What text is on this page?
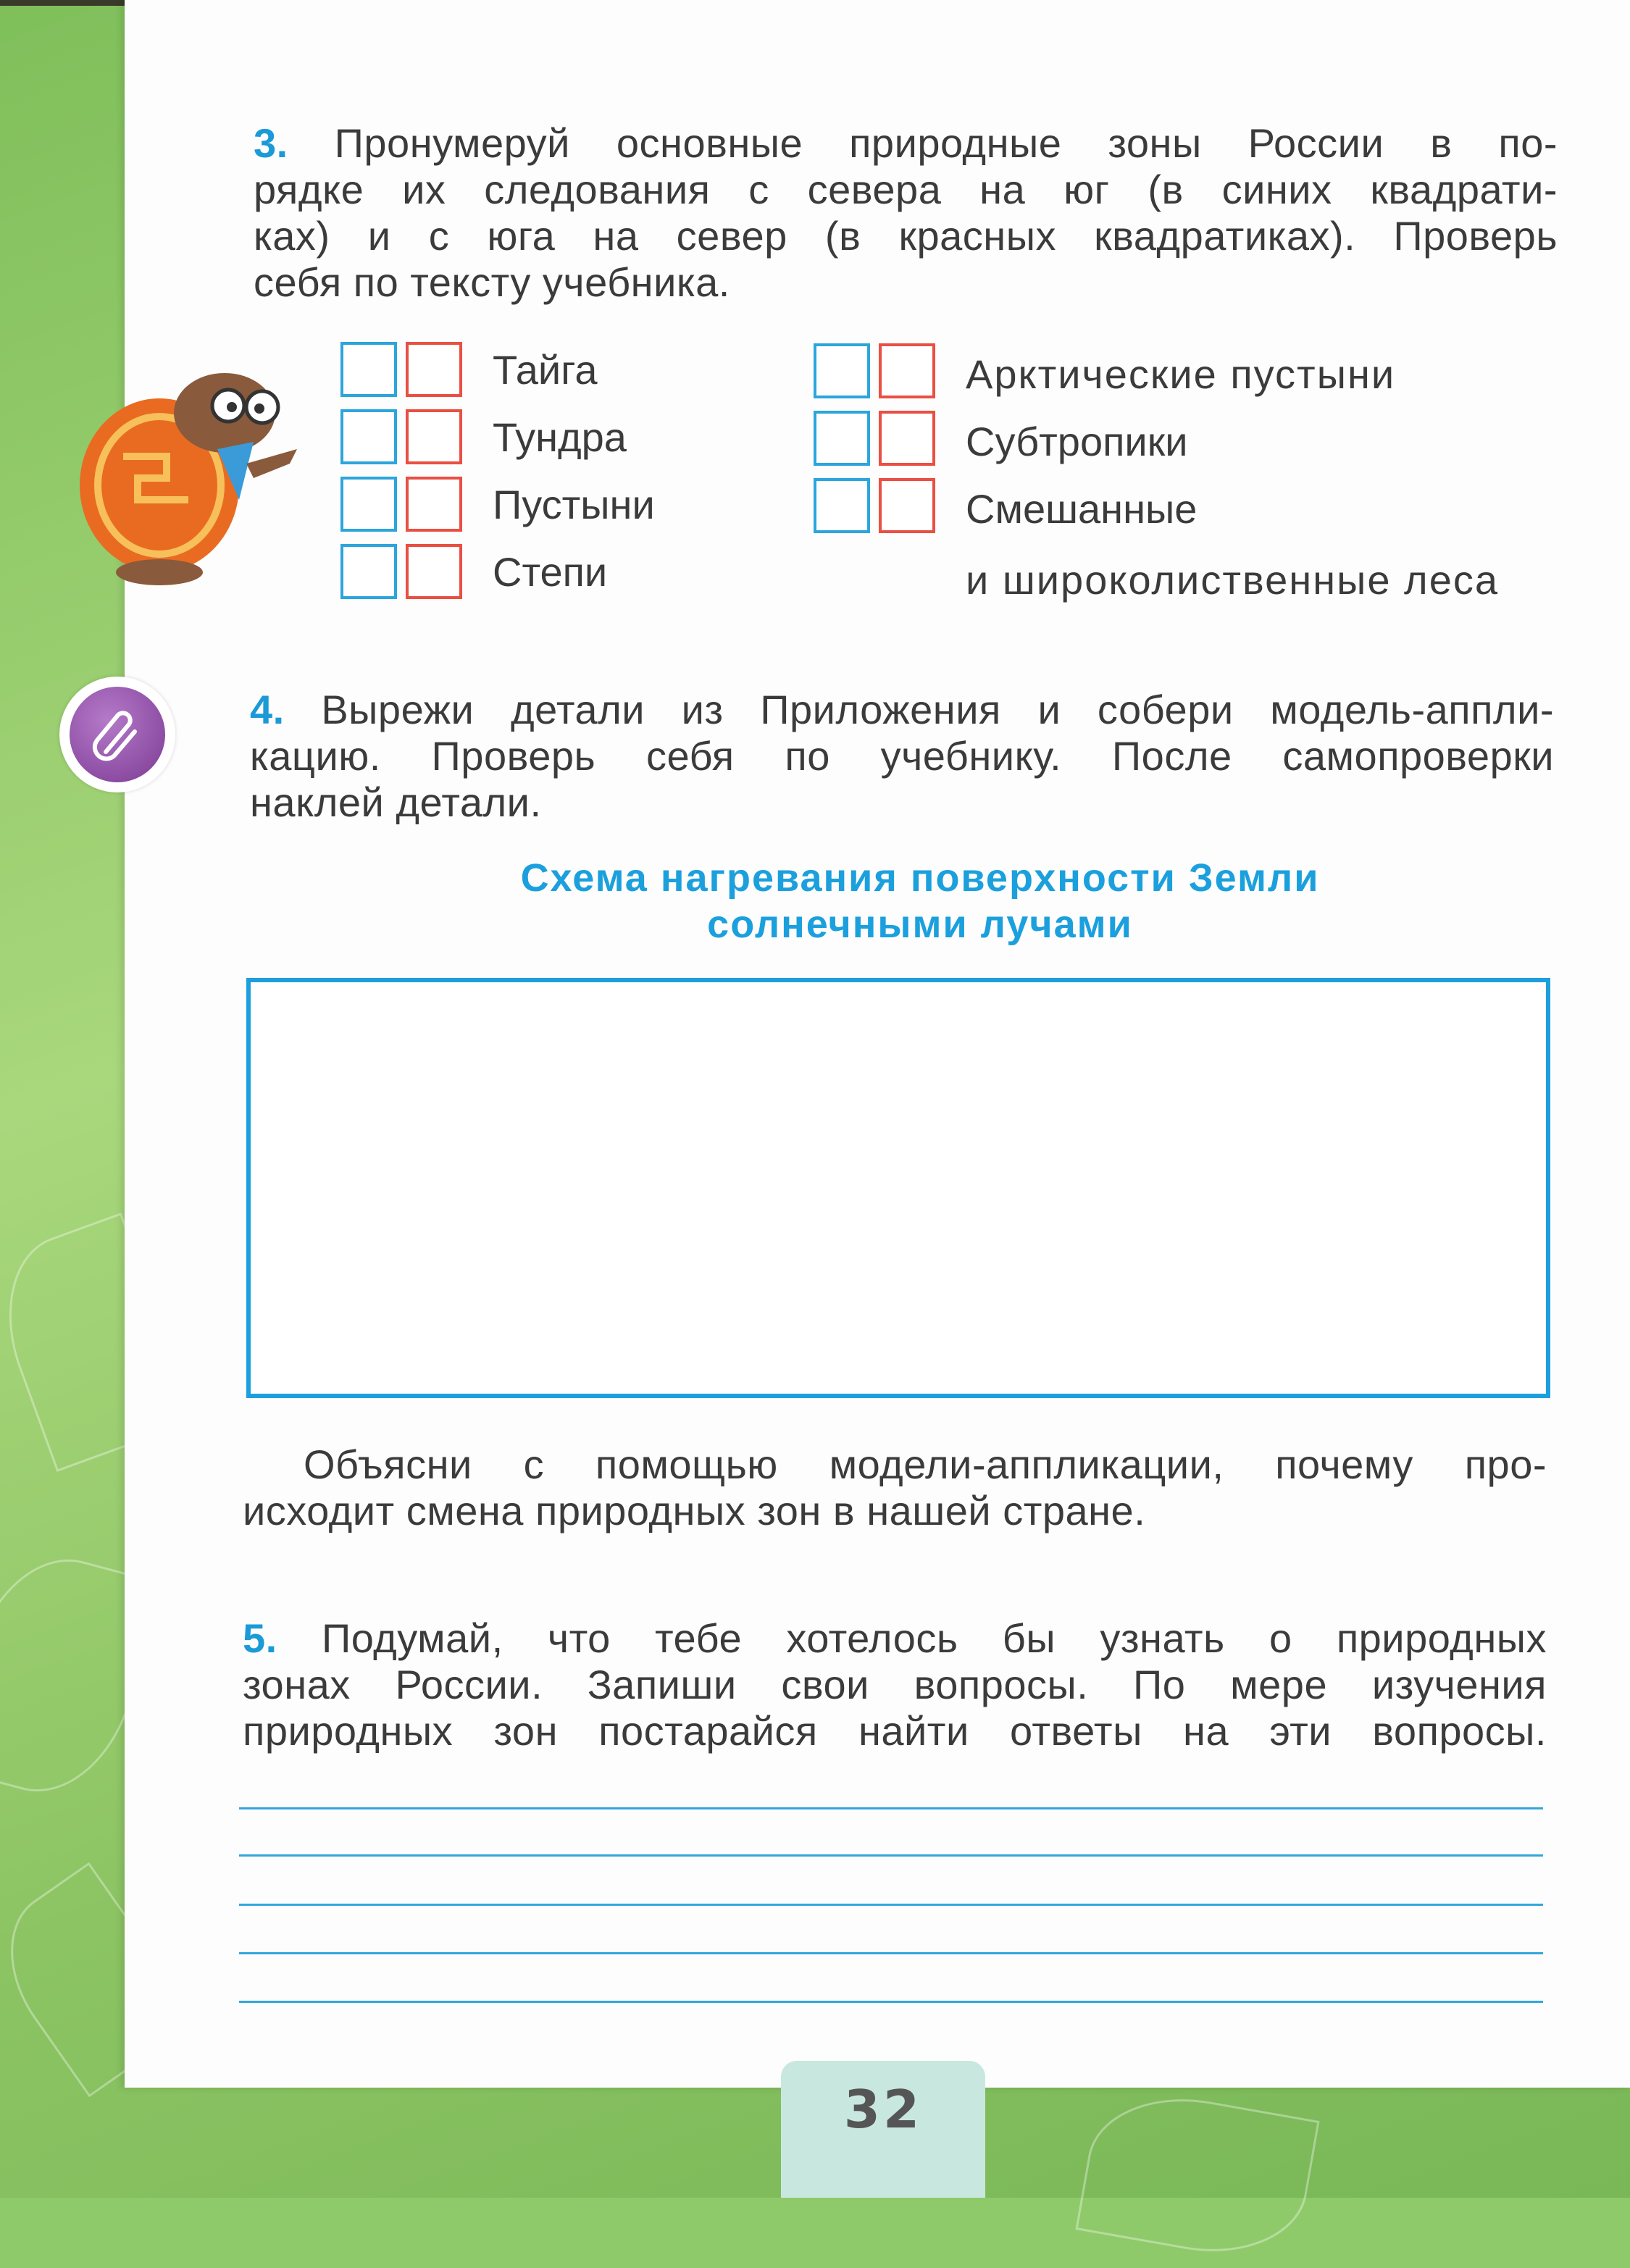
3. Пронумеруй основные природные зоны России в по-
рядке их следования с севера на юг (в синих квадрати-
ках) и с юга на север (в красных квадратиках). Проверь
себя по тексту учебника.
Тайга
Тундра
Пустыни
Степи
Арктические пустыни
Субтропики
Смешанные
и широколиственные леса
4. Вырежи детали из Приложения и собери модель-аппли-
кацию. Проверь себя по учебнику. После самопроверки
наклей детали.
Схема нагревания поверхности Земли
солнечными лучами
Объясни с помощью модели-аппликации, почему про-
исходит смена природных зон в нашей стране.
5. Подумай, что тебе хотелось бы узнать о природных
зонах России. Запиши свои вопросы. По мере изучения
природных зон постарайся найти ответы на эти вопросы.
32
